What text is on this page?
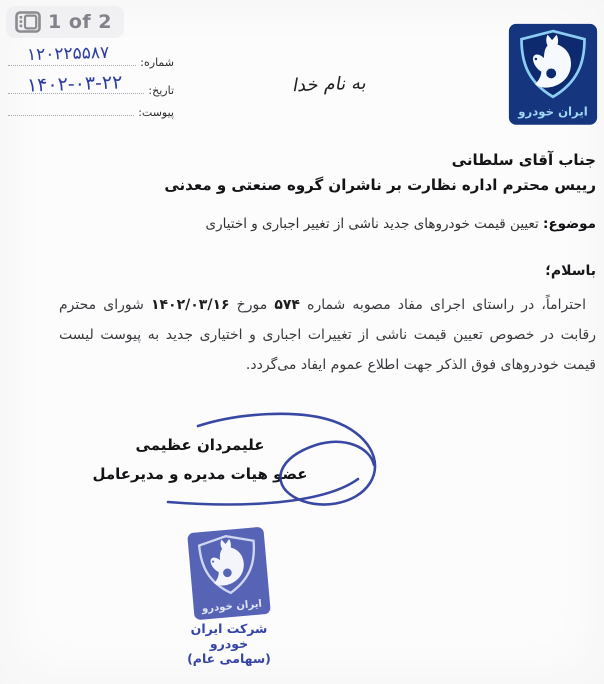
1 of 2
شماره:
تاریخ:
پیوست:
۱۲۰۲۲۵۵۸۷
۱۴۰۲-۰۳-۲۲	به نام خدا
ایران خودرو
جناب آقای سلطانی
رییس محترم اداره نظارت بر ناشران گروه صنعتی و معدنی
موضوع: تعیین قیمت خودروهای جدید ناشی از تغییر اجباری و اختیاری
باسلام؛

احتراماً، در راستای اجرای مفاد مصوبه شماره ۵۷۴ مورخ ۱۴۰۲/۰۳/۱۶ شورای محترم رقابت در خصوص تعیین قیمت ناشی از تغییرات اجباری و اختیاری جدید به پیوست لیست قیمت خودروهای فوق الذکر جهت اطلاع عموم ایفاد می‌گردد.

علیمردان عظیمی
عضو هیات مدیره و مدیرعامل
ایران خودرو
شرکت ایران خودرو
(سهامی عام)
